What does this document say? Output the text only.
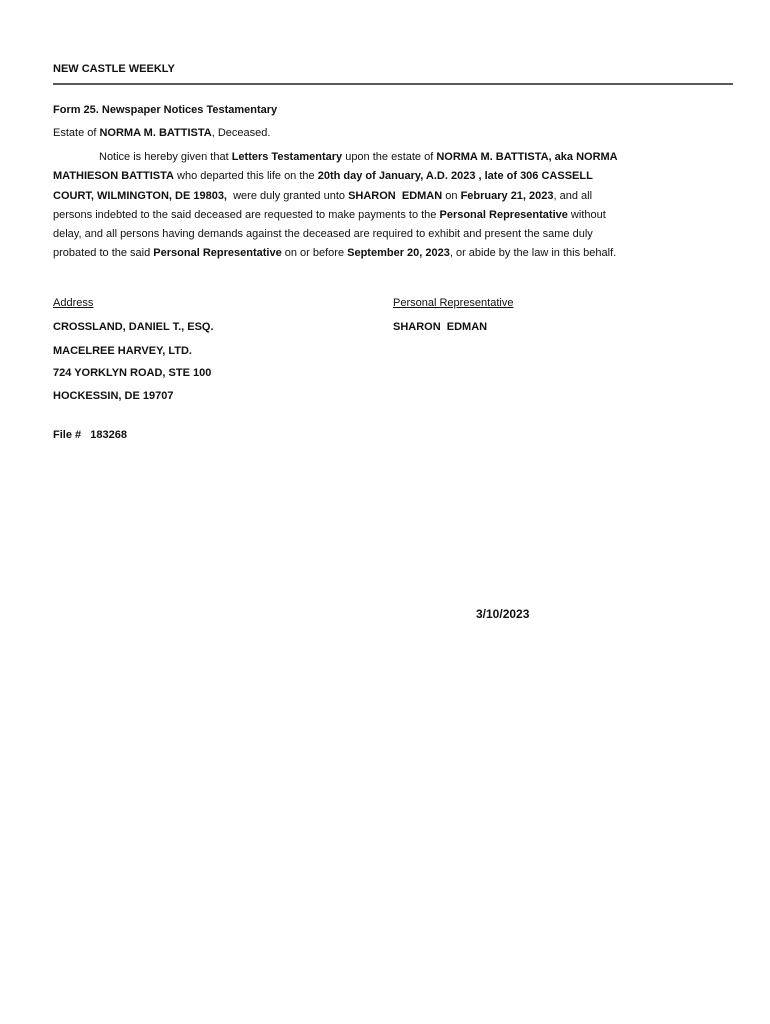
NEW CASTLE WEEKLY
Form 25. Newspaper Notices Testamentary
Estate of NORMA M. BATTISTA, Deceased.
Notice is hereby given that Letters Testamentary upon the estate of NORMA M. BATTISTA, aka NORMA
MATHIESON BATTISTA who departed this life on the 20th day of January, A.D. 2023 , late of 306 CASSELL
COURT, WILMINGTON, DE 19803,  were duly granted unto SHARON  EDMAN on February 21, 2023, and all
persons indebted to the said deceased are requested to make payments to the Personal Representative without
delay, and all persons having demands against the deceased are required to exhibit and present the same duly
probated to the said Personal Representative on or before September 20, 2023, or abide by the law in this behalf.
Address	Personal Representative
CROSSLAND, DANIEL T., ESQ.
MACELREE HARVEY, LTD.
724 YORKLYN ROAD, STE 100
HOCKESSIN, DE 19707
SHARON  EDMAN
File # 183268
3/10/2023
